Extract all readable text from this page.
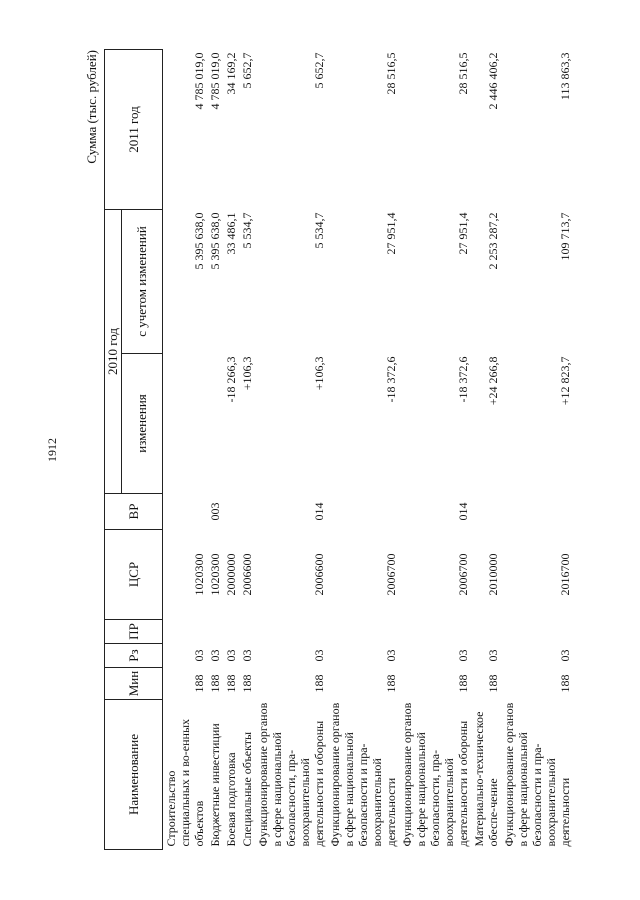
1912
Сумма (тыс. рублей)
Наименование	Мин	Рз	ПР	ЦСР	ВР	2010 год		2011 год
						изменения	с учетом изменений	
Строительство специальных и во-енных объектов	188	03		1020300			5 395 638,0	4 785 019,0
Бюджетные инвестиции	188	03		1020300	003		5 395 638,0	4 785 019,0
Боевая подготовка	188	03		2000000		-18 266,3	33 486,1	34 169,2
Специальные объекты	188	03		2006600		+106,3	5 534,7	5 652,7
Функционирование органов в сфере национальной безопасности, пра-воохранительной деятельности и обороны	188	03		2006600	014	+106,3	5 534,7	5 652,7
Функционирование органов в сфере национальной безопасности и пра-воохранительной деятельности	188	03		2006700		-18 372,6	27 951,4	28 516,5
Функционирование органов в сфере национальной безопасности, пра-воохранительной деятельности и обороны	188	03		2006700	014	-18 372,6	27 951,4	28 516,5
Материально-техническое обеспе-чение	188	03		2010000		+24 266,8	2 253 287,2	2 446 406,2
Функционирование органов в сфере национальной безопасности и пра-воохранительной деятельности	188	03		2016700		+12 823,7	109 713,7	113 863,3
